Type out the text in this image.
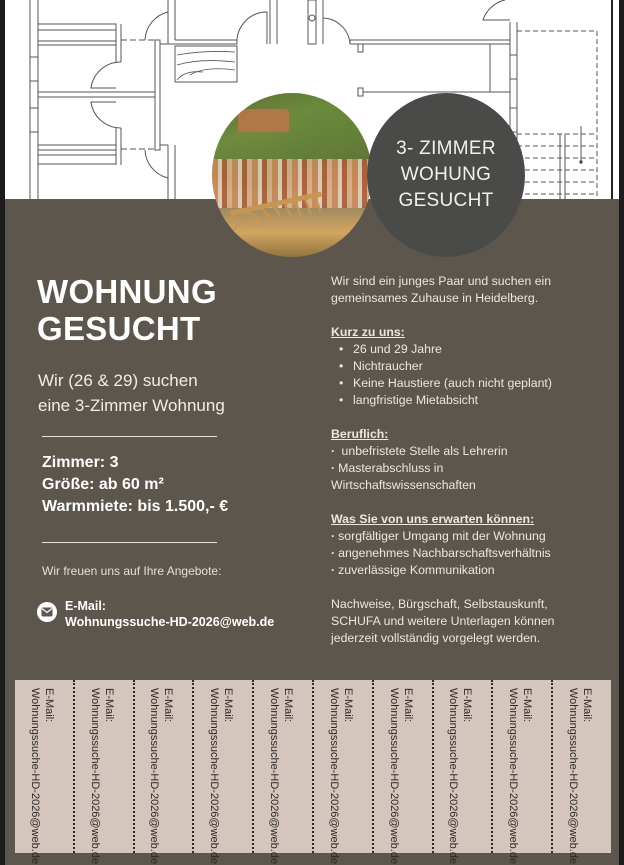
3- ZIMMER
WOHUNG
GESUCHT
WOHNUNG
GESUCHT
Wir (26 & 29) suchen
eine 3-Zimmer Wohnung
Zimmer: 3
Größe: ab 60 m²
Warmmiete: bis 1.500,- €
Wir freuen uns auf Ihre Angebote:
E-Mail:
Wohnungssuche-HD-2026@web.de
Wir sind ein junges Paar und suchen ein
gemeinsames Zuhause in Heidelberg.
Kurz zu uns:
• 26 und 29 Jahre
• Nichtraucher
• Keine Haustiere (auch nicht geplant)
• langfristige Mietabsicht
Beruflich:
· unbefristete Stelle als Lehrerin
· Masterabschluss in
Wirtschaftswissenschaften
Was Sie von uns erwarten können:
· sorgfältiger Umgang mit der Wohnung
· angenehmes Nachbarschaftsverhältnis
· zuverlässige Kommunikation
Nachweise, Bürgschaft, Selbstauskunft,
SCHUFA und weitere Unterlagen können
jederzeit vollständig vorgelegt werden.
E-Mail:
Wohnungssuche-HD-2026@web.de	E-Mail:
Wohnungssuche-HD-2026@web.de	E-Mail:
Wohnungssuche-HD-2026@web.de	E-Mail:
Wohnungssuche-HD-2026@web.de	E-Mail:
Wohnungssuche-HD-2026@web.de	E-Mail:
Wohnungssuche-HD-2026@web.de	E-Mail:
Wohnungssuche-HD-2026@web.de	E-Mail:
Wohnungssuche-HD-2026@web.de	E-Mail:
Wohnungssuche-HD-2026@web.de	E-Mail:
Wohnungssuche-HD-2026@web.de
